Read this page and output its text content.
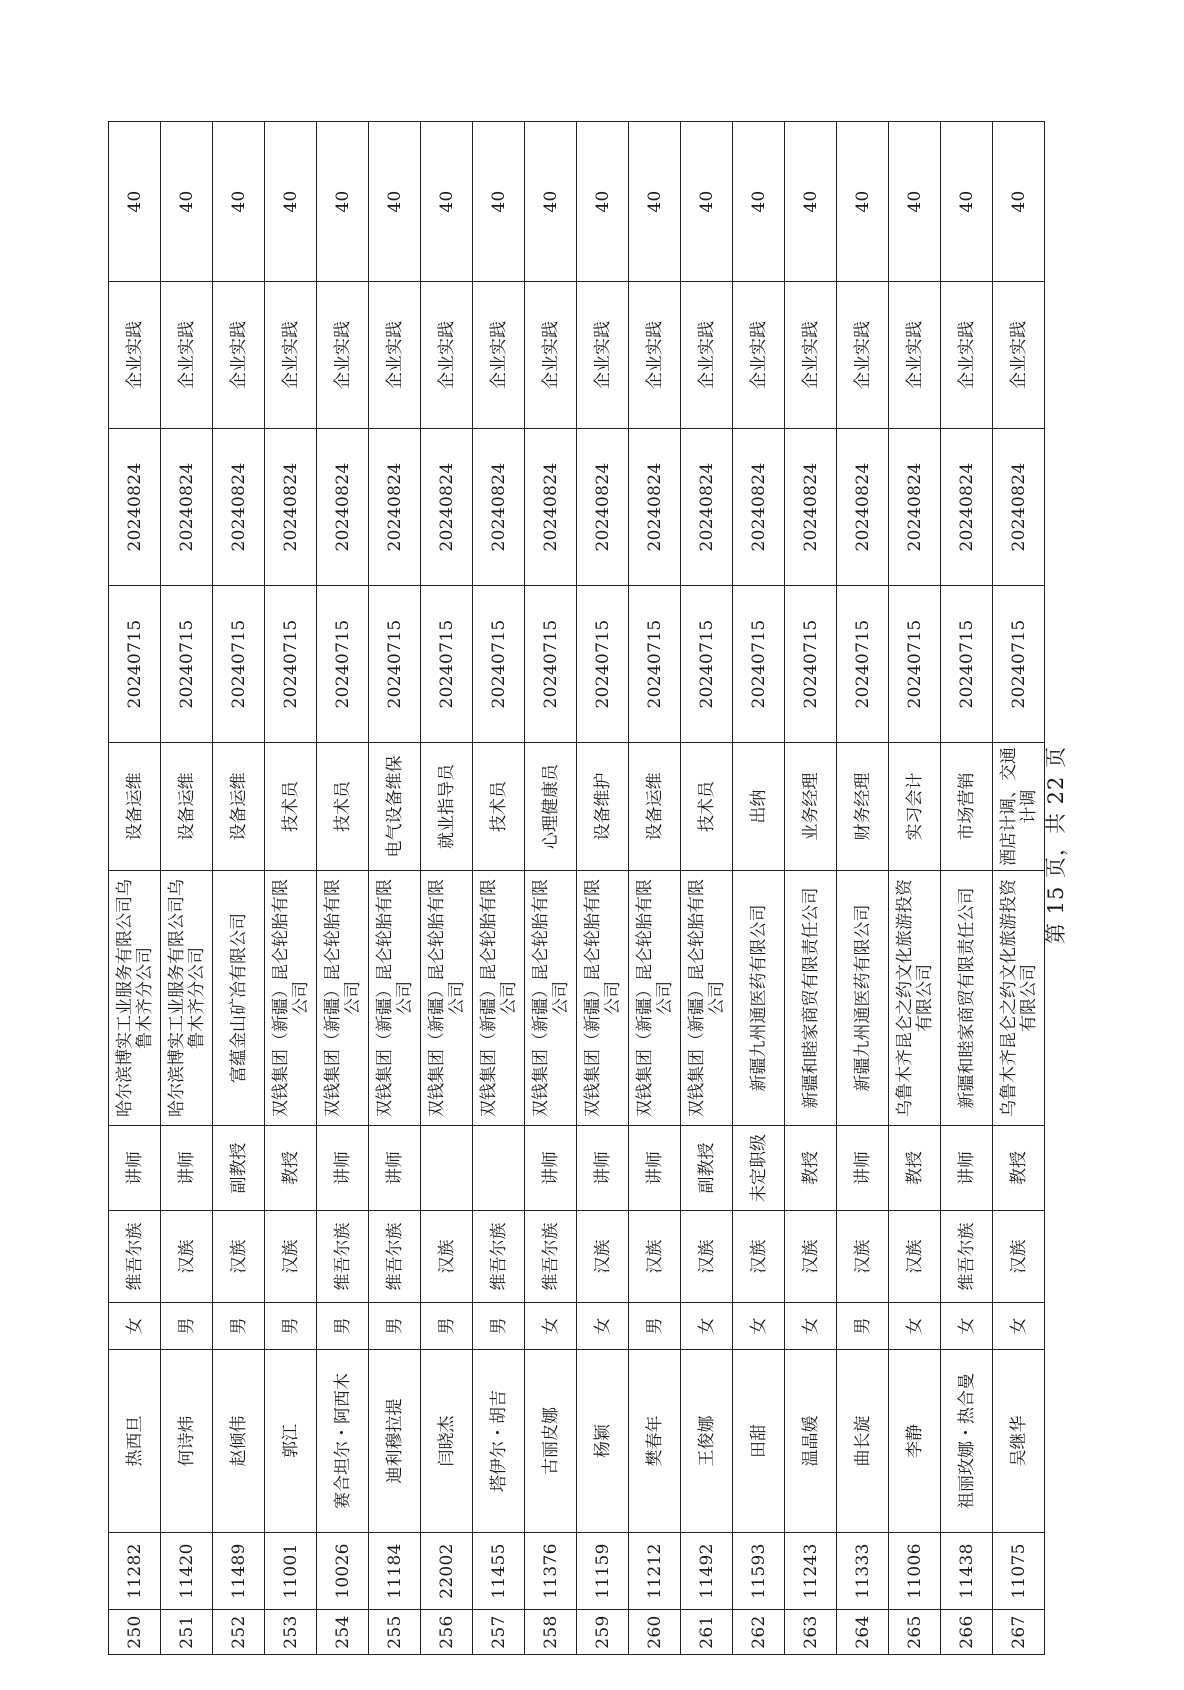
250	11282	热西旦	女	维吾尔族	讲师	哈尔滨博实工业服务有限公司乌鲁木齐分公司	设备运维	20240715	20240824	企业实践	40
251	11420	何诗炜	男	汉族	讲师	哈尔滨博实工业服务有限公司乌鲁木齐分公司	设备运维	20240715	20240824	企业实践	40
252	11489	赵倾伟	男	汉族	副教授	富蕴金山矿冶有限公司	设备运维	20240715	20240824	企业实践	40
253	11001	郭江	男	汉族	教授	双钱集团（新疆）昆仑轮胎有限公司	技术员	20240715	20240824	企业实践	40
254	10026	赛合坦尔・阿西木	男	维吾尔族	讲师	双钱集团（新疆）昆仑轮胎有限公司	技术员	20240715	20240824	企业实践	40
255	11184	迪利穆拉提	男	维吾尔族	讲师	双钱集团（新疆）昆仑轮胎有限公司	电气设备维保	20240715	20240824	企业实践	40
256	22002	闫晓杰	男	汉族		双钱集团（新疆）昆仑轮胎有限公司	就业指导员	20240715	20240824	企业实践	40
257	11455	塔伊尔・胡吉	男	维吾尔族		双钱集团（新疆）昆仑轮胎有限公司	技术员	20240715	20240824	企业实践	40
258	11376	古丽皮娜	女	维吾尔族	讲师	双钱集团（新疆）昆仑轮胎有限公司	心理健康员	20240715	20240824	企业实践	40
259	11159	杨颖	女	汉族	讲师	双钱集团（新疆）昆仑轮胎有限公司	设备维护	20240715	20240824	企业实践	40
260	11212	樊春年	男	汉族	讲师	双钱集团（新疆）昆仑轮胎有限公司	设备运维	20240715	20240824	企业实践	40
261	11492	王俊娜	女	汉族	副教授	双钱集团（新疆）昆仑轮胎有限公司	技术员	20240715	20240824	企业实践	40
262	11593	田甜	女	汉族	未定职级	新疆九州通医药有限公司	出纳	20240715	20240824	企业实践	40
263	11243	温晶媛	女	汉族	教授	新疆和睦家商贸有限责任公司	业务经理	20240715	20240824	企业实践	40
264	11333	曲长旋	男	汉族	讲师	新疆九州通医药有限公司	财务经理	20240715	20240824	企业实践	40
265	11006	李静	女	汉族	教授	乌鲁木齐昆仑之约文化旅游投资有限公司	实习会计	20240715	20240824	企业实践	40
266	11438	祖丽玫娜・热合曼	女	维吾尔族	讲师	新疆和睦家商贸有限责任公司	市场营销	20240715	20240824	企业实践	40
267	11075	吴继华	女	汉族	教授	乌鲁木齐昆仑之约文化旅游投资有限公司	酒店计调、交通计调	20240715	20240824	企业实践	40
第 15 页，共 22 页
